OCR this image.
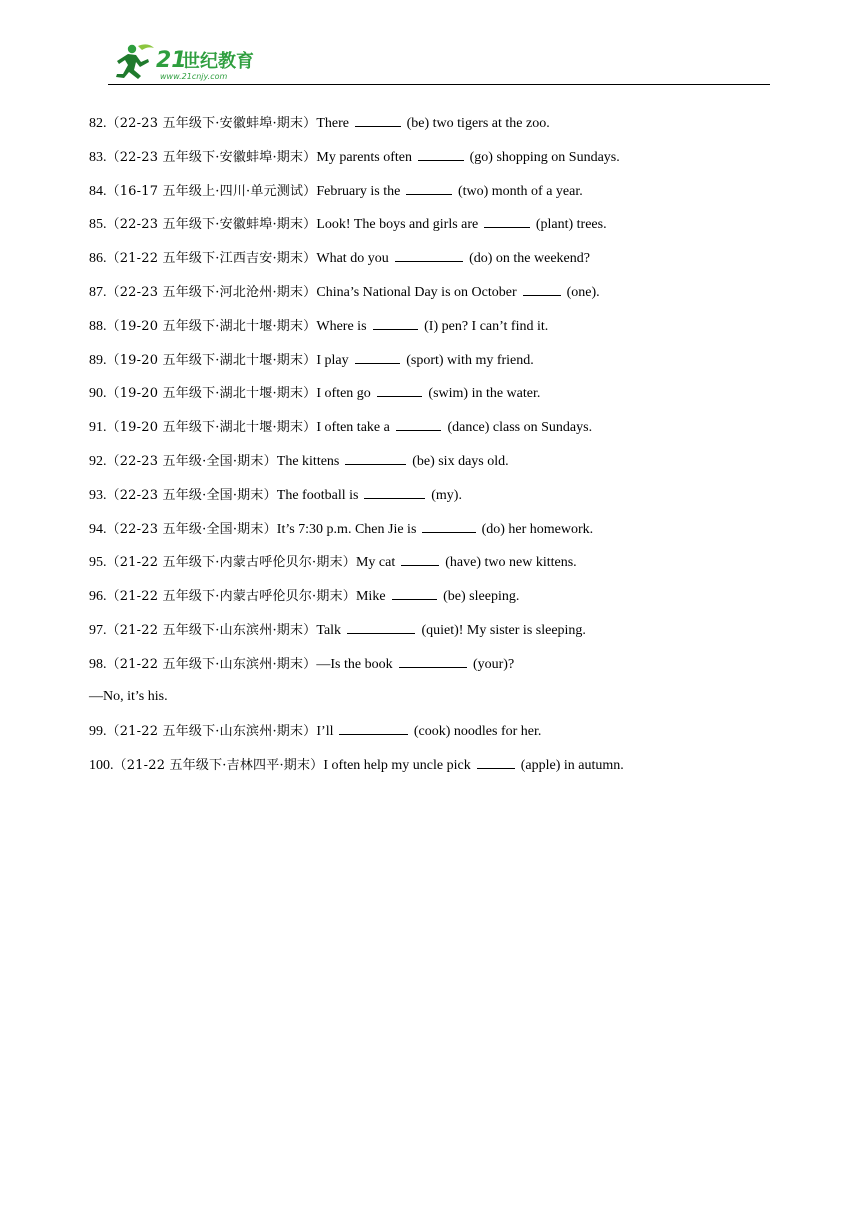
21
世纪教育
www.21cnjy.com
82.（22-23 五年级下·安徽蚌埠·期末）There	(be) two tigers at the zoo.
83.（22-23 五年级下·安徽蚌埠·期末）My parents often	(go) shopping on Sundays.
84.（16-17 五年级上·四川·单元测试）February is the	(two) month of a year.
85.（22-23 五年级下·安徽蚌埠·期末）Look! The boys and girls are	(plant) trees.
86.（21-22 五年级下·江西吉安·期末）What do you	(do) on the weekend?
87.（22-23 五年级下·河北沧州·期末）China’s National Day is on October	(one).
88.（19-20 五年级下·湖北十堰·期末）Where is	(I) pen? I can’t find it.
89.（19-20 五年级下·湖北十堰·期末）I play	(sport) with my friend.
90.（19-20 五年级下·湖北十堰·期末）I often go	(swim) in the water.
91.（19-20 五年级下·湖北十堰·期末）I often take a	(dance) class on Sundays.
92.（22-23 五年级·全国·期末）The kittens	(be) six days old.
93.（22-23 五年级·全国·期末）The football is	(my).
94.（22-23 五年级·全国·期末）It’s 7:30 p.m. Chen Jie is	(do) her homework.
95.（21-22 五年级下·内蒙古呼伦贝尔·期末）My cat	(have) two new kittens.
96.（21-22 五年级下·内蒙古呼伦贝尔·期末）Mike	(be) sleeping.
97.（21-22 五年级下·山东滨州·期末）Talk	(quiet)! My sister is sleeping.
98.（21-22 五年级下·山东滨州·期末）—Is the book	(your)?
—No, it’s his.
99.（21-22 五年级下·山东滨州·期末）I’ll	(cook) noodles for her.
100.（21-22 五年级下·吉林四平·期末）I often help my uncle pick	(apple) in autumn.
